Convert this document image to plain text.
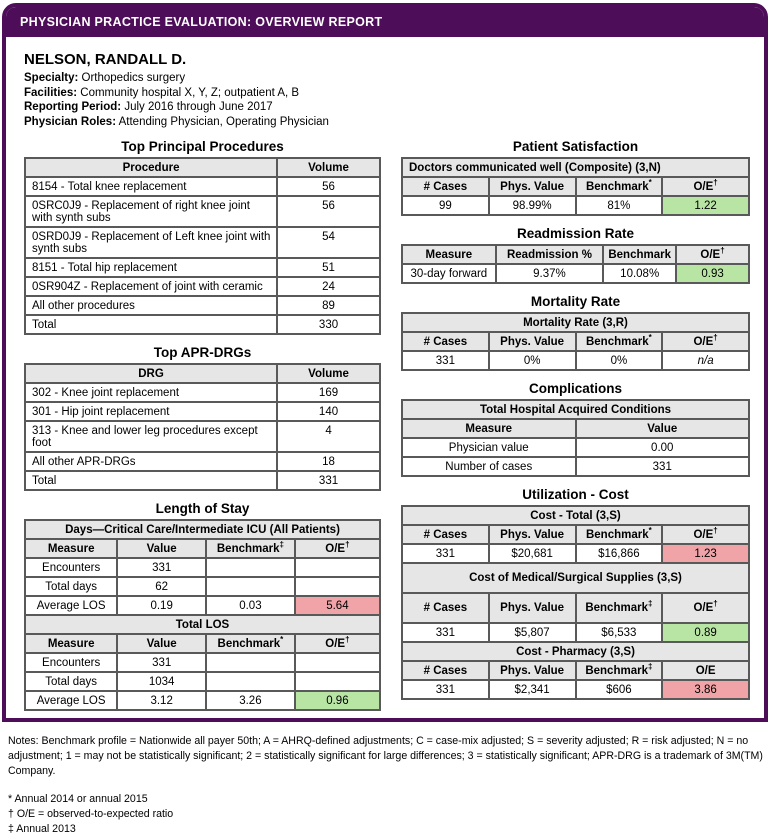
PHYSICIAN PRACTICE EVALUATION: OVERVIEW REPORT
NELSON, RANDALL D.
Specialty: Orthopedics surgery
Facilities: Community hospital X, Y, Z; outpatient A, B
Reporting Period: July 2016 through June 2017
Physician Roles: Attending Physician, Operating Physician
Top Principal Procedures
Procedure	Volume
8154 - Total knee replacement	56
0SRC0J9 - Replacement of right knee joint with synth subs	56
0SRD0J9 - Replacement of Left knee joint with synth subs	54
8151 - Total hip replacement	51
0SR904Z - Replacement of joint with ceramic	24
All other procedures	89
Total	330
Top APR-DRGs
DRG	Volume
302 - Knee joint replacement	169
301 - Hip joint replacement	140
313 - Knee and lower leg procedures except foot	4
All other APR-DRGs	18
Total	331
Length of Stay
Days—Critical Care/Intermediate ICU (All Patients)			
Measure	Value	Benchmark‡	O/E†
Encounters	331		
Total days	62		
Average LOS	0.19	0.03	5.64
Total LOS			
Measure	Value	Benchmark*	O/E†
Encounters	331		
Total days	1034		
Average LOS	3.12	3.26	0.96
Patient Satisfaction
Doctors communicated well (Composite) (3,N)			
# Cases	Phys. Value	Benchmark*	O/E†
99	98.99%	81%	1.22
Readmission Rate
Measure	Readmission %	Benchmark	O/E†
30-day forward	9.37%	10.08%	0.93
Mortality Rate
Mortality Rate (3,R)			
# Cases	Phys. Value	Benchmark*	O/E†
331	0%	0%	n/a
Complications
Total Hospital Acquired Conditions	
Measure	Value
Physician value	0.00
Number of cases	331
Utilization - Cost
Cost - Total (3,S)			
# Cases	Phys. Value	Benchmark*	O/E†
331	$20,681	$16,866	1.23
Cost of Medical/Surgical Supplies (3,S)			
# Cases	Phys. Value	Benchmark‡	O/E†
331	$5,807	$6,533	0.89
Cost - Pharmacy (3,S)			
# Cases	Phys. Value	Benchmark‡	O/E
331	$2,341	$606	3.86
Notes: Benchmark profile = Nationwide all payer 50th; A = AHRQ-defined adjustments; C = case-mix adjusted; S = severity adjusted; R = risk adjusted; N = no adjustment; 1 = may not be statistically significant; 2 = statistically significant for large differences; 3 = statistically significant; APR-DRG is a trademark of 3M(TM) Company.
* Annual 2014 or annual 2015
† O/E = observed-to-expected ratio
‡ Annual 2013
